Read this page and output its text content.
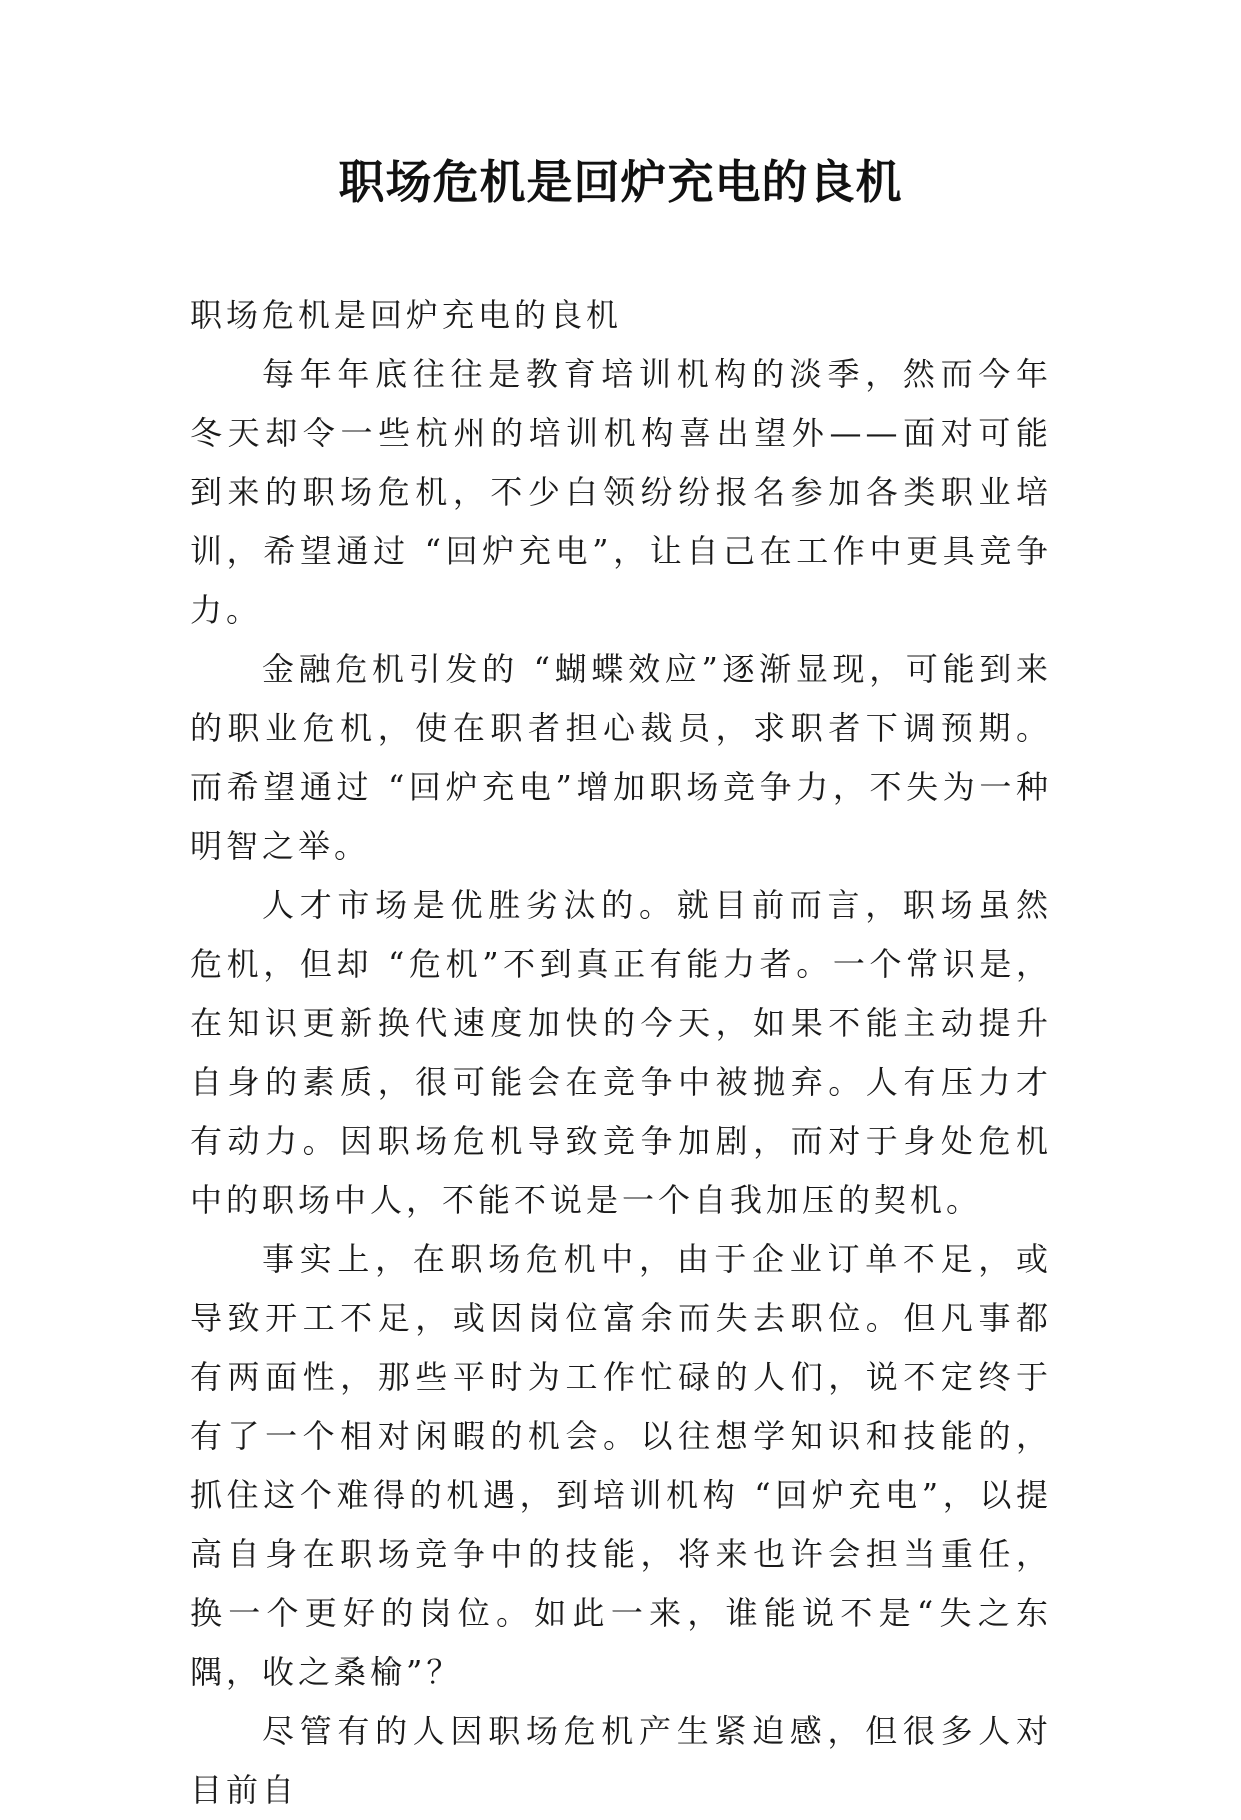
职场危机是回炉充电的良机

职场危机是回炉充电的良机

每年年底往往是教育培训机构的淡季，然而今年冬天却令一些杭州的培训机构喜出望外——面对可能到来的职场危机，不少白领纷纷报名参加各类职业培训，希望通过 “回炉充电”，让自己在工作中更具竞争力。

金融危机引发的 “蝴蝶效应”逐渐显现，可能到来的职业危机，使在职者担心裁员，求职者下调预期。而希望通过 “回炉充电”增加职场竞争力，不失为一种明智之举。

人才市场是优胜劣汰的。就目前而言，职场虽然危机，但却 “危机”不到真正有能力者。一个常识是，在知识更新换代速度加快的今天，如果不能主动提升自身的素质，很可能会在竞争中被抛弃。人有压力才有动力。因职场危机导致竞争加剧，而对于身处危机中的职场中人，不能不说是一个自我加压的契机。

事实上，在职场危机中，由于企业订单不足，或导致开工不足，或因岗位富余而失去职位。但凡事都有两面性，那些平时为工作忙碌的人们，说不定终于有了一个相对闲暇的机会。以往想学知识和技能的，抓住这个难得的机遇，到培训机构 “回炉充电”，以提高自身在职场竞争中的技能，将来也许会担当重任，换一个更好的岗位。如此一来，谁能说不是“失之东隅，收之桑榆”？

尽管有的人因职场危机产生紧迫感，但很多人对目前自
